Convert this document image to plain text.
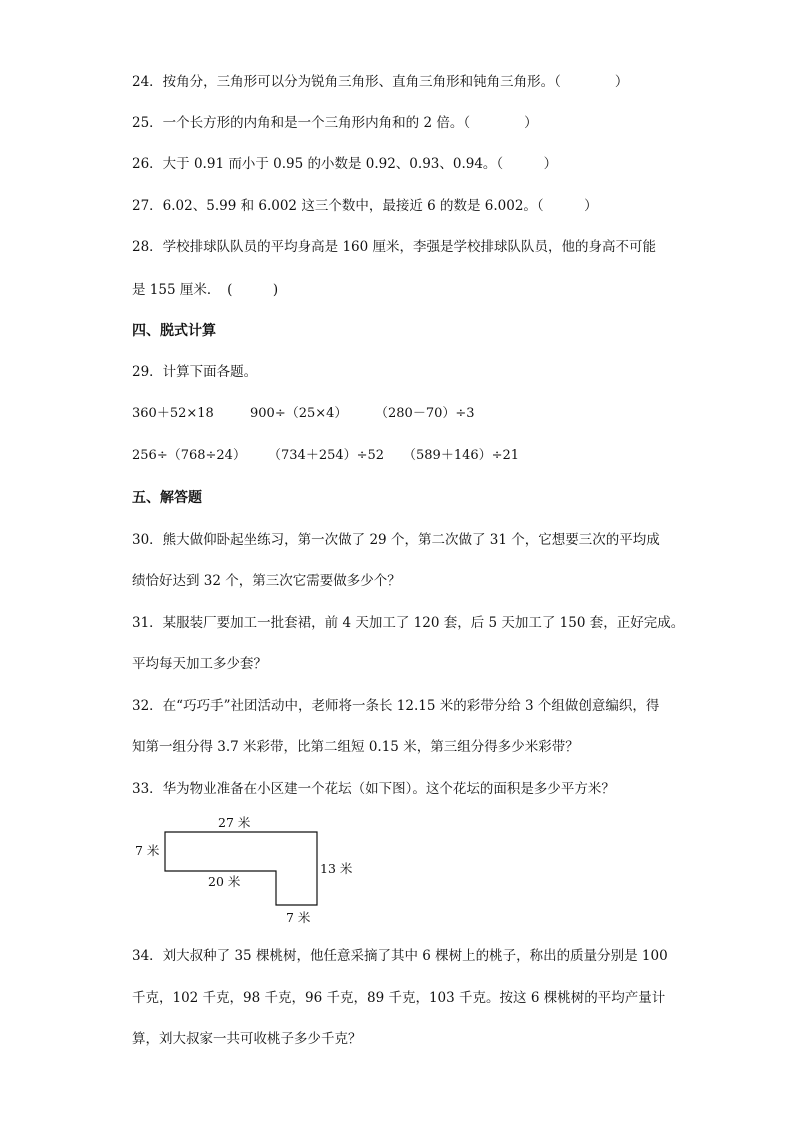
24．按角分，三角形可以分为锐角三角形、直角三角形和钝角三角形。（　　　　）
25．一个长方形的内角和是一个三角形内角和的 2 倍。（　　　　）
26．大于 0.91 而小于 0.95 的小数是 0.92、0.93、0.94。（　　　）
27．6.02、5.99 和 6.002 这三个数中，最接近 6 的数是 6.002。（　　　）
28．学校排球队队员的平均身高是 160 厘米，李强是学校排球队队员，他的身高不可能
是 155 厘米．　(　　　)
四、脱式计算
29．计算下面各题。
360＋52×18	900÷（25×4） （280－70）÷3
256÷（768÷24） （734＋254）÷52 （589＋146）÷21
五、解答题
30．熊大做仰卧起坐练习，第一次做了 29 个，第二次做了 31 个，它想要三次的平均成
绩恰好达到 32 个，第三次它需要做多少个？
31．某服装厂要加工一批套裙，前 4 天加工了 120 套，后 5 天加工了 150 套，正好完成。
平均每天加工多少套？
32．在“巧巧手”社团活动中，老师将一条长 12.15 米的彩带分给 3 个组做创意编织，得
知第一组分得 3.7 米彩带，比第二组短 0.15 米，第三组分得多少米彩带？
33．华为物业准备在小区建一个花坛（如下图）。这个花坛的面积是多少平方米？
27 米
7 米
20 米
13 米
7 米
34．刘大叔种了 35 棵桃树，他任意采摘了其中 6 棵树上的桃子，称出的质量分别是 100
千克，102 千克，98 千克，96 千克，89 千克，103 千克。按这 6 棵桃树的平均产量计
算，刘大叔家一共可收桃子多少千克？
